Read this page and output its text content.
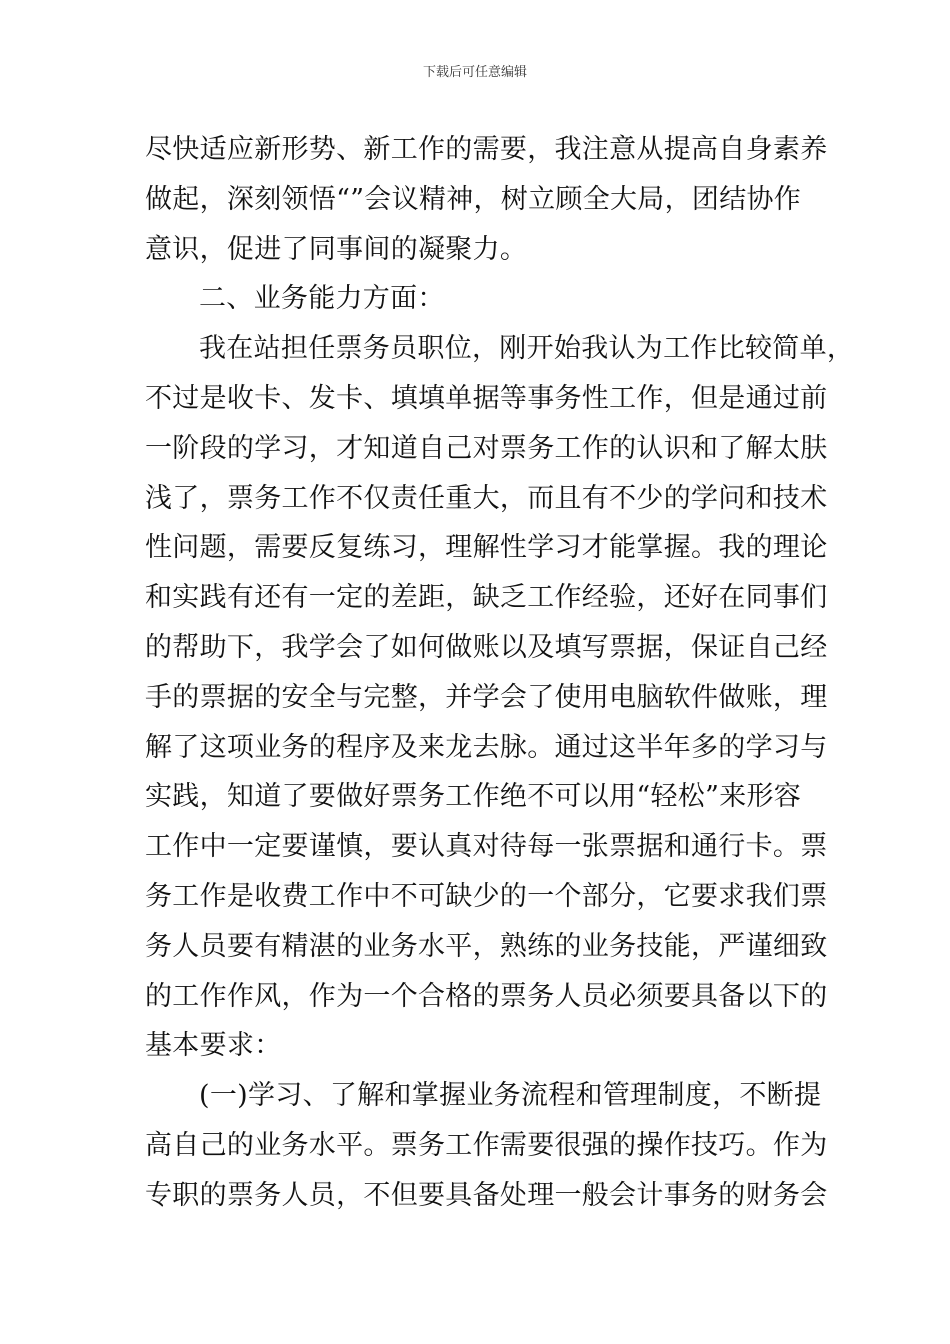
下载后可任意编辑
尽快适应新形势、新工作的需要，我注意从提高自身素养
做起，深刻领悟“”会议精神，树立顾全大局，团结协作
意识，促进了同事间的凝聚力。
二、业务能力方面：
我在站担任票务员职位，刚开始我认为工作比较简单，
不过是收卡、发卡、填填单据等事务性工作，但是通过前
一阶段的学习，才知道自己对票务工作的认识和了解太肤
浅了，票务工作不仅责任重大，而且有不少的学问和技术
性问题，需要反复练习，理解性学习才能掌握。我的理论
和实践有还有一定的差距，缺乏工作经验，还好在同事们
的帮助下，我学会了如何做账以及填写票据，保证自己经
手的票据的安全与完整，并学会了使用电脑软件做账，理
解了这项业务的程序及来龙去脉。通过这半年多的学习与
实践，知道了要做好票务工作绝不可以用“轻松”来形容
工作中一定要谨慎，要认真对待每一张票据和通行卡。票
务工作是收费工作中不可缺少的一个部分，它要求我们票
务人员要有精湛的业务水平，熟练的业务技能，严谨细致
的工作作风，作为一个合格的票务人员必须要具备以下的
基本要求：
(一)学习、了解和掌握业务流程和管理制度，不断提
高自己的业务水平。票务工作需要很强的操作技巧。作为
专职的票务人员，不但要具备处理一般会计事务的财务会
